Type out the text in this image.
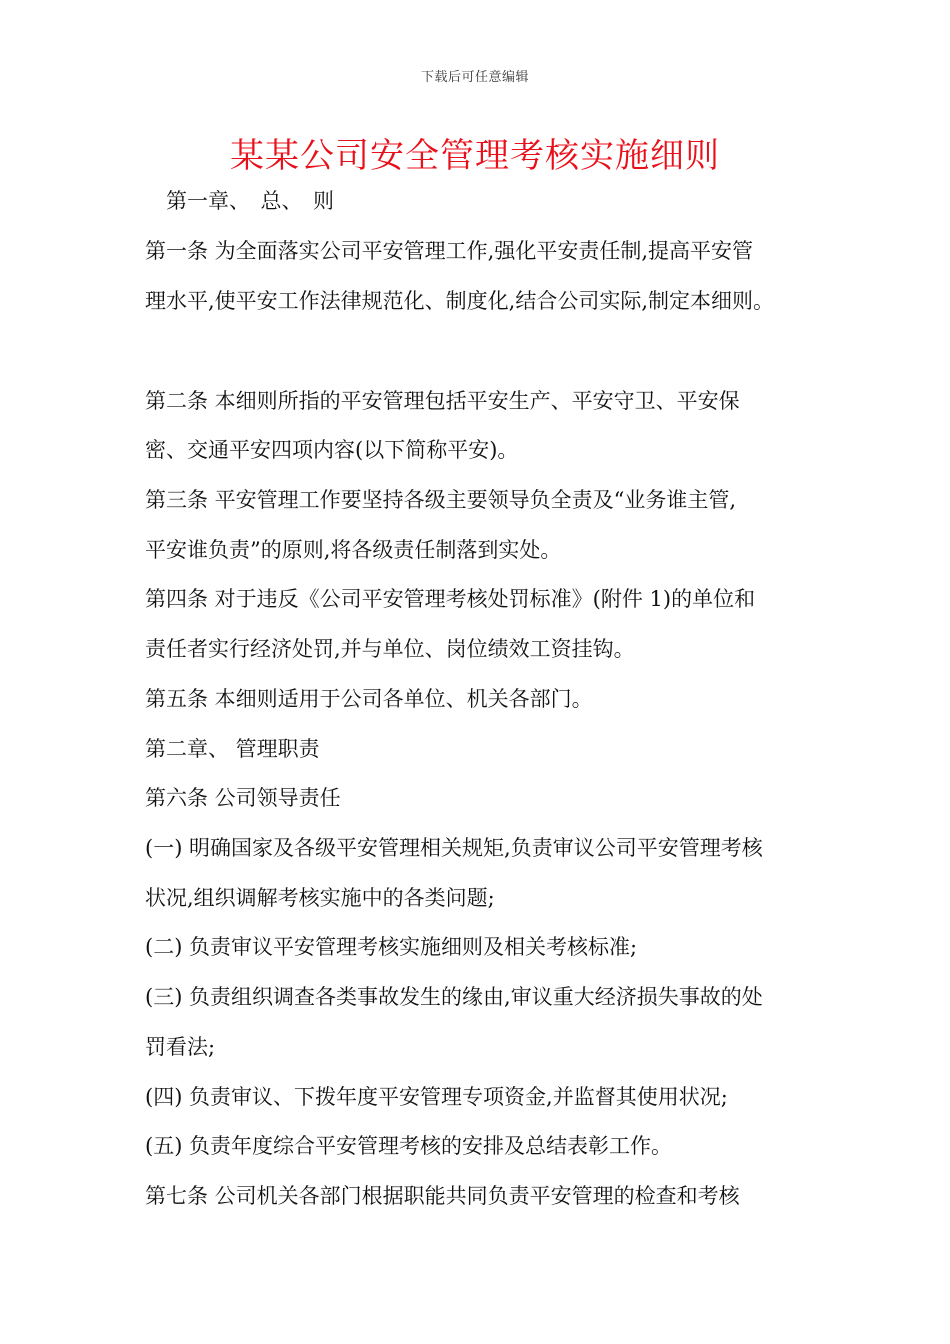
下载后可任意编辑
某某公司安全管理考核实施细则
　第一章、　总、　则
第一条 为全面落实公司平安管理工作,强化平安责任制,提高平安管
理水平,使平安工作法律规范化、制度化,结合公司实际,制定本细则。
第二条 本细则所指的平安管理包括平安生产、平安守卫、平安保
密、交通平安四项内容(以下简称平安)。
第三条 平安管理工作要坚持各级主要领导负全责及“业务谁主管,
平安谁负责”的原则,将各级责任制落到实处。
第四条 对于违反《公司平安管理考核处罚标准》(附件 1)的单位和
责任者实行经济处罚,并与单位、岗位绩效工资挂钩。
第五条 本细则适用于公司各单位、机关各部门。
第二章、 管理职责
第六条 公司领导责任
(一) 明确国家及各级平安管理相关规矩,负责审议公司平安管理考核
状况,组织调解考核实施中的各类问题;
(二) 负责审议平安管理考核实施细则及相关考核标准;
(三) 负责组织调查各类事故发生的缘由,审议重大经济损失事故的处
罚看法;
(四) 负责审议、下拨年度平安管理专项资金,并监督其使用状况;
(五) 负责年度综合平安管理考核的安排及总结表彰工作。
第七条 公司机关各部门根据职能共同负责平安管理的检查和考核
